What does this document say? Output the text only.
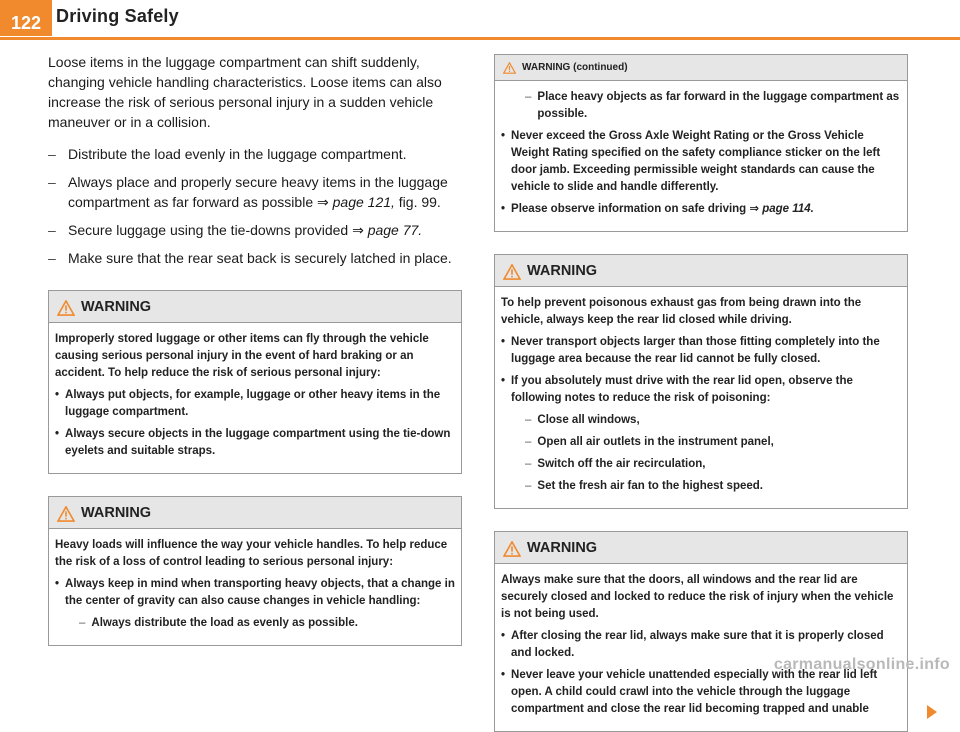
122 Driving Safely

Loose items in the luggage compartment can shift suddenly, changing vehicle handling characteristics. Loose items can also increase the risk of serious personal injury in a sudden vehicle maneuver or in a collision.

– Distribute the load evenly in the luggage compartment.
– Always place and properly secure heavy items in the luggage compartment as far forward as possible ⇒ page 121, fig. 99.
– Secure luggage using the tie-downs provided ⇒ page 77.
– Make sure that the rear seat back is securely latched in place.
WARNING
Improperly stored luggage or other items can fly through the vehicle causing serious personal injury in the event of hard braking or an accident. To help reduce the risk of serious personal injury:
• Always put objects, for example, luggage or other heavy items in the luggage compartment.
• Always secure objects in the luggage compartment using the tie-down eyelets and suitable straps.
WARNING
Heavy loads will influence the way your vehicle handles. To help reduce the risk of a loss of control leading to serious personal injury:
• Always keep in mind when transporting heavy objects, that a change in the center of gravity can also cause changes in vehicle handling:
– Always distribute the load as evenly as possible.
WARNING (continued)
– Place heavy objects as far forward in the luggage compartment as possible.
• Never exceed the Gross Axle Weight Rating or the Gross Vehicle Weight Rating specified on the safety compliance sticker on the left door jamb. Exceeding permissible weight standards can cause the vehicle to slide and handle differently.
• Please observe information on safe driving ⇒ page 114.
WARNING
To help prevent poisonous exhaust gas from being drawn into the vehicle, always keep the rear lid closed while driving.
• Never transport objects larger than those fitting completely into the luggage area because the rear lid cannot be fully closed.
• If you absolutely must drive with the rear lid open, observe the following notes to reduce the risk of poisoning:
– Close all windows,
– Open all air outlets in the instrument panel,
– Switch off the air recirculation,
– Set the fresh air fan to the highest speed.
WARNING
Always make sure that the doors, all windows and the rear lid are securely closed and locked to reduce the risk of injury when the vehicle is not being used.
• After closing the rear lid, always make sure that it is properly closed and locked.
• Never leave your vehicle unattended especially with the rear lid left open. A child could crawl into the vehicle through the luggage compartment and close the rear lid becoming trapped and unable
carmanualsonline.info
